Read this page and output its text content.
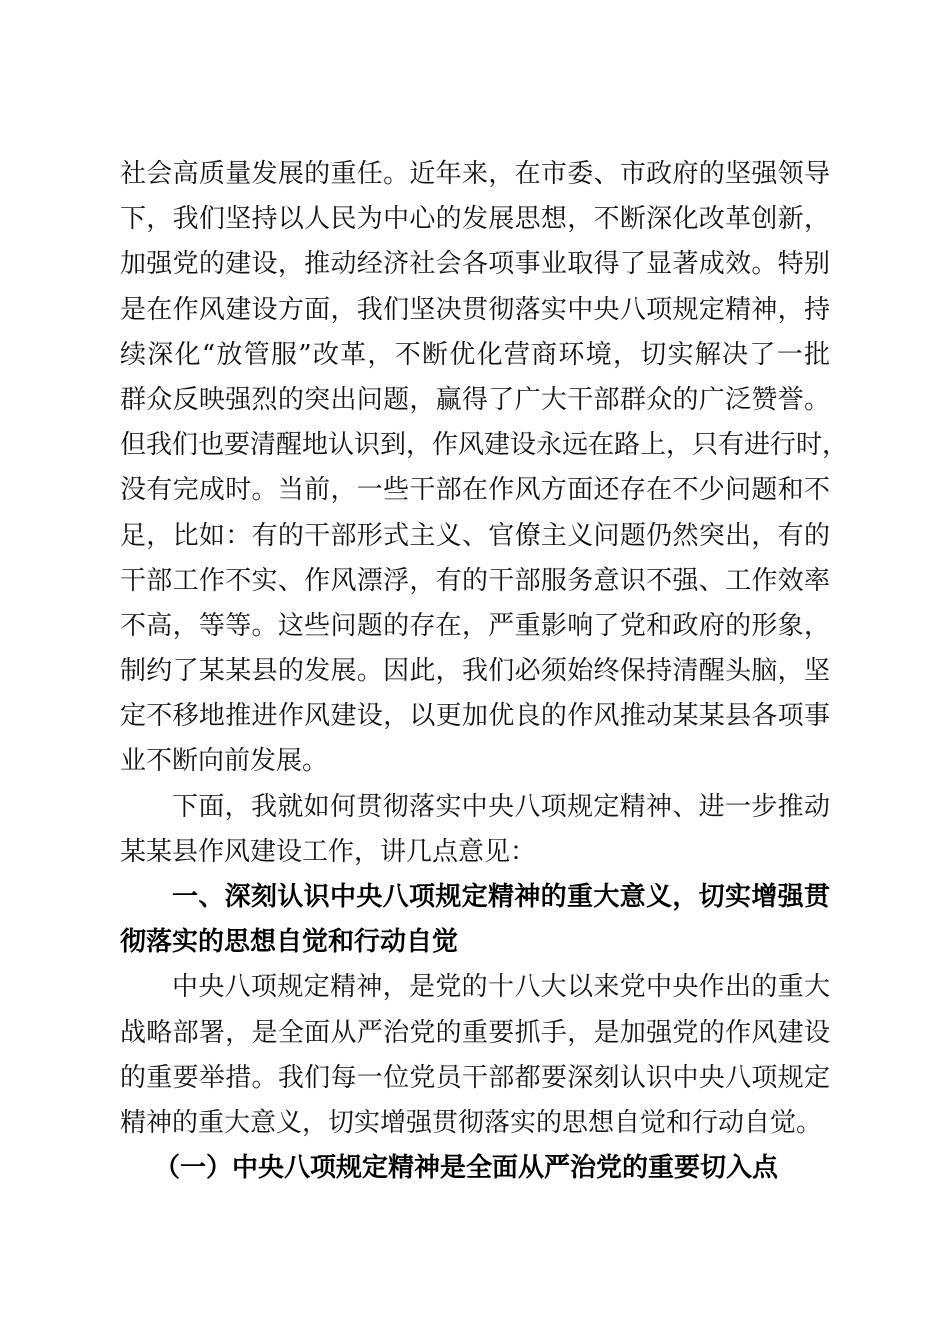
社会高质量发展的重任。近年来，在市委、市政府的坚强领导
下，我们坚持以人民为中心的发展思想，不断深化改革创新，
加强党的建设，推动经济社会各项事业取得了显著成效。特别
是在作风建设方面，我们坚决贯彻落实中央八项规定精神，持
续深化“放管服”改革，不断优化营商环境，切实解决了一批
群众反映强烈的突出问题，赢得了广大干部群众的广泛赞誉。
但我们也要清醒地认识到，作风建设永远在路上，只有进行时，
没有完成时。当前，一些干部在作风方面还存在不少问题和不
足，比如：有的干部形式主义、官僚主义问题仍然突出，有的
干部工作不实、作风漂浮，有的干部服务意识不强、工作效率
不高，等等。这些问题的存在，严重影响了党和政府的形象，
制约了某某县的发展。因此，我们必须始终保持清醒头脑，坚
定不移地推进作风建设，以更加优良的作风推动某某县各项事
业不断向前发展。
下面，我就如何贯彻落实中央八项规定精神、进一步推动
某某县作风建设工作，讲几点意见：
一、深刻认识中央八项规定精神的重大意义，切实增强贯
彻落实的思想自觉和行动自觉
中央八项规定精神，是党的十八大以来党中央作出的重大
战略部署，是全面从严治党的重要抓手，是加强党的作风建设
的重要举措。我们每一位党员干部都要深刻认识中央八项规定
精神的重大意义，切实增强贯彻落实的思想自觉和行动自觉。
（一）中央八项规定精神是全面从严治党的重要切入点
